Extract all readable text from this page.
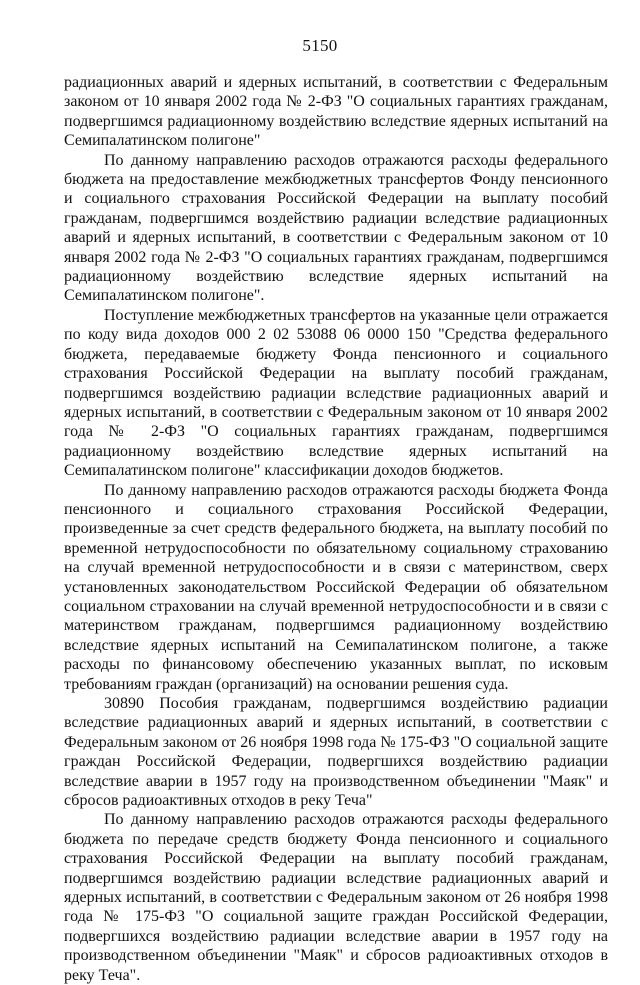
5150

радиационных аварий и ядерных испытаний, в соответствии с Федеральным законом от 10 января 2002 года № 2-ФЗ "О социальных гарантиях гражданам, подвергшимся радиационному воздействию вследствие ядерных испытаний на Семипалатинском полигоне"

По данному направлению расходов отражаются расходы федерального бюджета на предоставление межбюджетных трансфертов Фонду пенсионного и социального страхования Российской Федерации на выплату пособий гражданам, подвергшимся воздействию радиации вследствие радиационных аварий и ядерных испытаний, в соответствии с Федеральным законом от 10 января 2002 года № 2-ФЗ "О социальных гарантиях гражданам, подвергшимся радиационному воздействию вследствие ядерных испытаний на Семипалатинском полигоне".

Поступление межбюджетных трансфертов на указанные цели отражается по коду вида доходов 000 2 02 53088 06 0000 150 "Средства федерального бюджета, передаваемые бюджету Фонда пенсионного и социального страхования Российской Федерации на выплату пособий гражданам, подвергшимся воздействию радиации вследствие радиационных аварий и ядерных испытаний, в соответствии с Федеральным законом от 10 января 2002 года № 2-ФЗ "О социальных гарантиях гражданам, подвергшимся радиационному воздействию вследствие ядерных испытаний на Семипалатинском полигоне" классификации доходов бюджетов.

По данному направлению расходов отражаются расходы бюджета Фонда пенсионного и социального страхования Российской Федерации, произведенные за счет средств федерального бюджета, на выплату пособий по временной нетрудоспособности по обязательному социальному страхованию на случай временной нетрудоспособности и в связи с материнством, сверх установленных законодательством Российской Федерации об обязательном социальном страховании на случай временной нетрудоспособности и в связи с материнством гражданам, подвергшимся радиационному воздействию вследствие ядерных испытаний на Семипалатинском полигоне, а также расходы по финансовому обеспечению указанных выплат, по исковым требованиям граждан (организаций) на основании решения суда.

30890 Пособия гражданам, подвергшимся воздействию радиации вследствие радиационных аварий и ядерных испытаний, в соответствии с Федеральным законом от 26 ноября 1998 года № 175-ФЗ "О социальной защите граждан Российской Федерации, подвергшихся воздействию радиации вследствие аварии в 1957 году на производственном объединении "Маяк" и сбросов радиоактивных отходов в реку Теча"

По данному направлению расходов отражаются расходы федерального бюджета по передаче средств бюджету Фонда пенсионного и социального страхования Российской Федерации на выплату пособий гражданам, подвергшимся воздействию радиации вследствие радиационных аварий и ядерных испытаний, в соответствии с Федеральным законом от 26 ноября 1998 года № 175-ФЗ "О социальной защите граждан Российской Федерации, подвергшихся воздействию радиации вследствие аварии в 1957 году на производственном объединении "Маяк" и сбросов радиоактивных отходов в реку Теча".
